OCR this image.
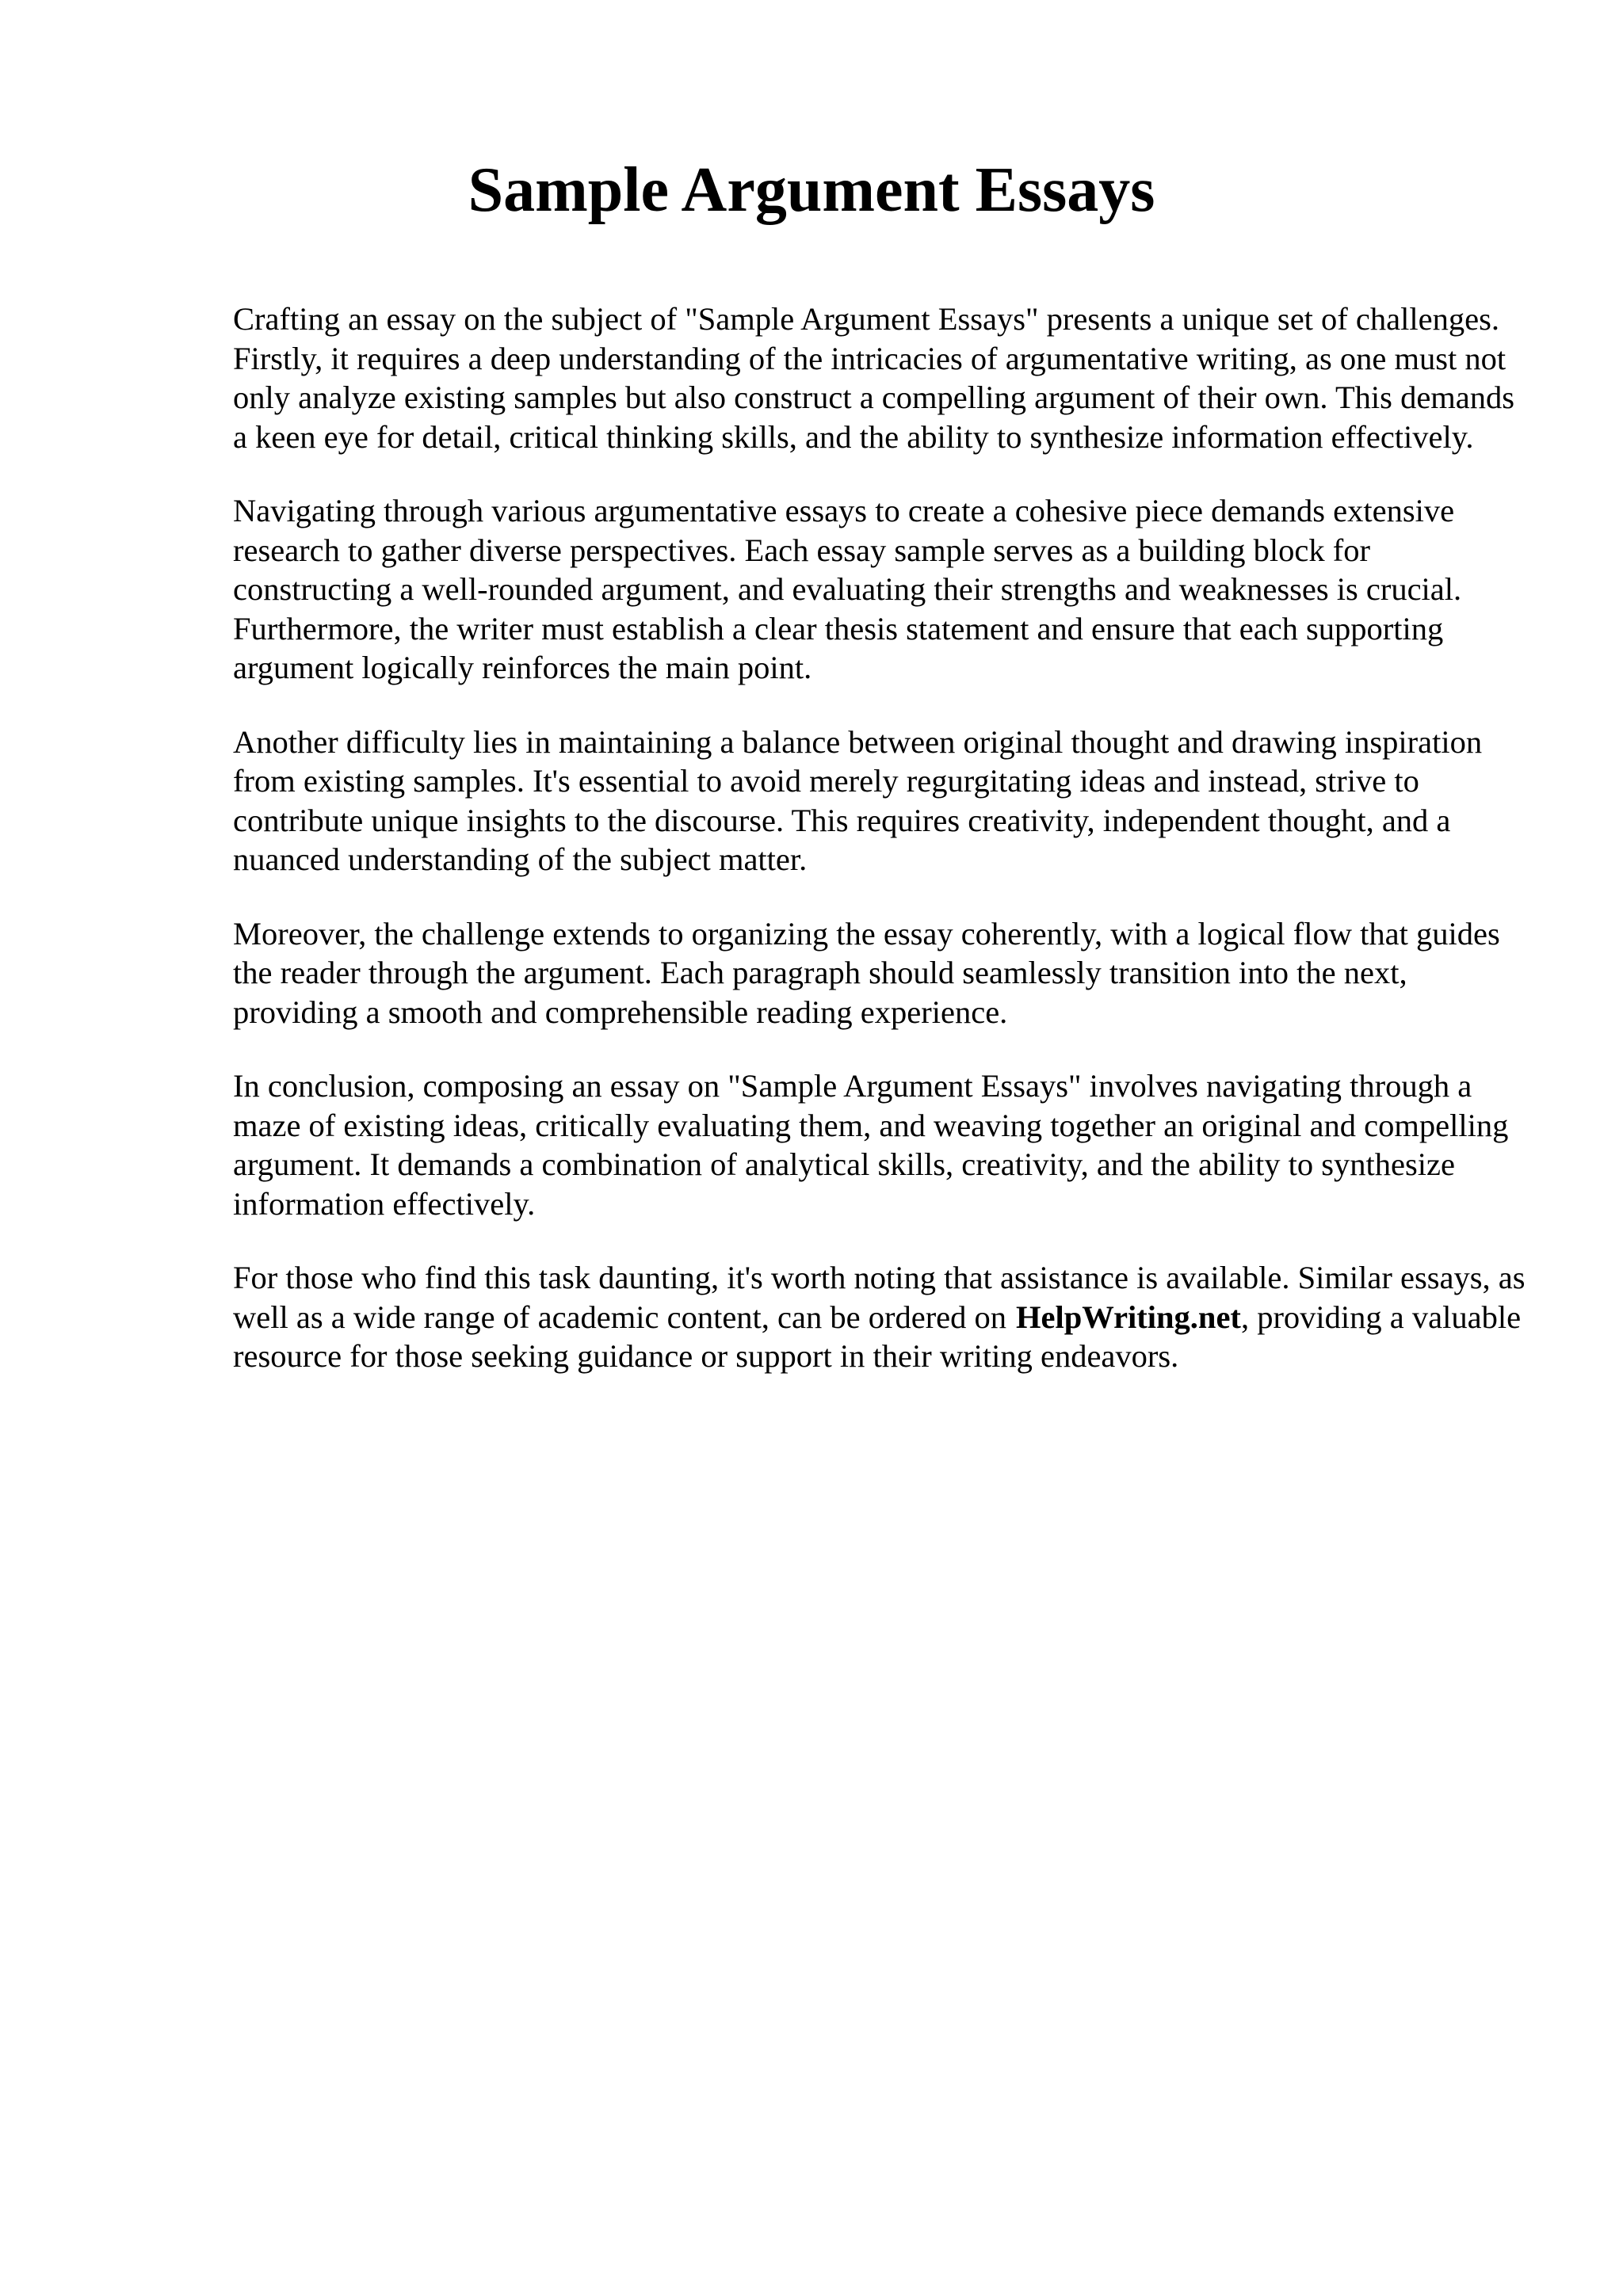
Sample Argument Essays

Crafting an essay on the subject of "Sample Argument Essays" presents a unique set of challenges. Firstly, it requires a deep understanding of the intricacies of argumentative writing, as one must not only analyze existing samples but also construct a compelling argument of their own. This demands a keen eye for detail, critical thinking skills, and the ability to synthesize information effectively.

Navigating through various argumentative essays to create a cohesive piece demands extensive research to gather diverse perspectives. Each essay sample serves as a building block for constructing a well-rounded argument, and evaluating their strengths and weaknesses is crucial. Furthermore, the writer must establish a clear thesis statement and ensure that each supporting argument logically reinforces the main point.

Another difficulty lies in maintaining a balance between original thought and drawing inspiration from existing samples. It's essential to avoid merely regurgitating ideas and instead, strive to contribute unique insights to the discourse. This requires creativity, independent thought, and a nuanced understanding of the subject matter.

Moreover, the challenge extends to organizing the essay coherently, with a logical flow that guides the reader through the argument. Each paragraph should seamlessly transition into the next, providing a smooth and comprehensible reading experience.

In conclusion, composing an essay on "Sample Argument Essays" involves navigating through a maze of existing ideas, critically evaluating them, and weaving together an original and compelling argument. It demands a combination of analytical skills, creativity, and the ability to synthesize information effectively.

For those who find this task daunting, it's worth noting that assistance is available. Similar essays, as well as a wide range of academic content, can be ordered on HelpWriting.net, providing a valuable resource for those seeking guidance or support in their writing endeavors.
